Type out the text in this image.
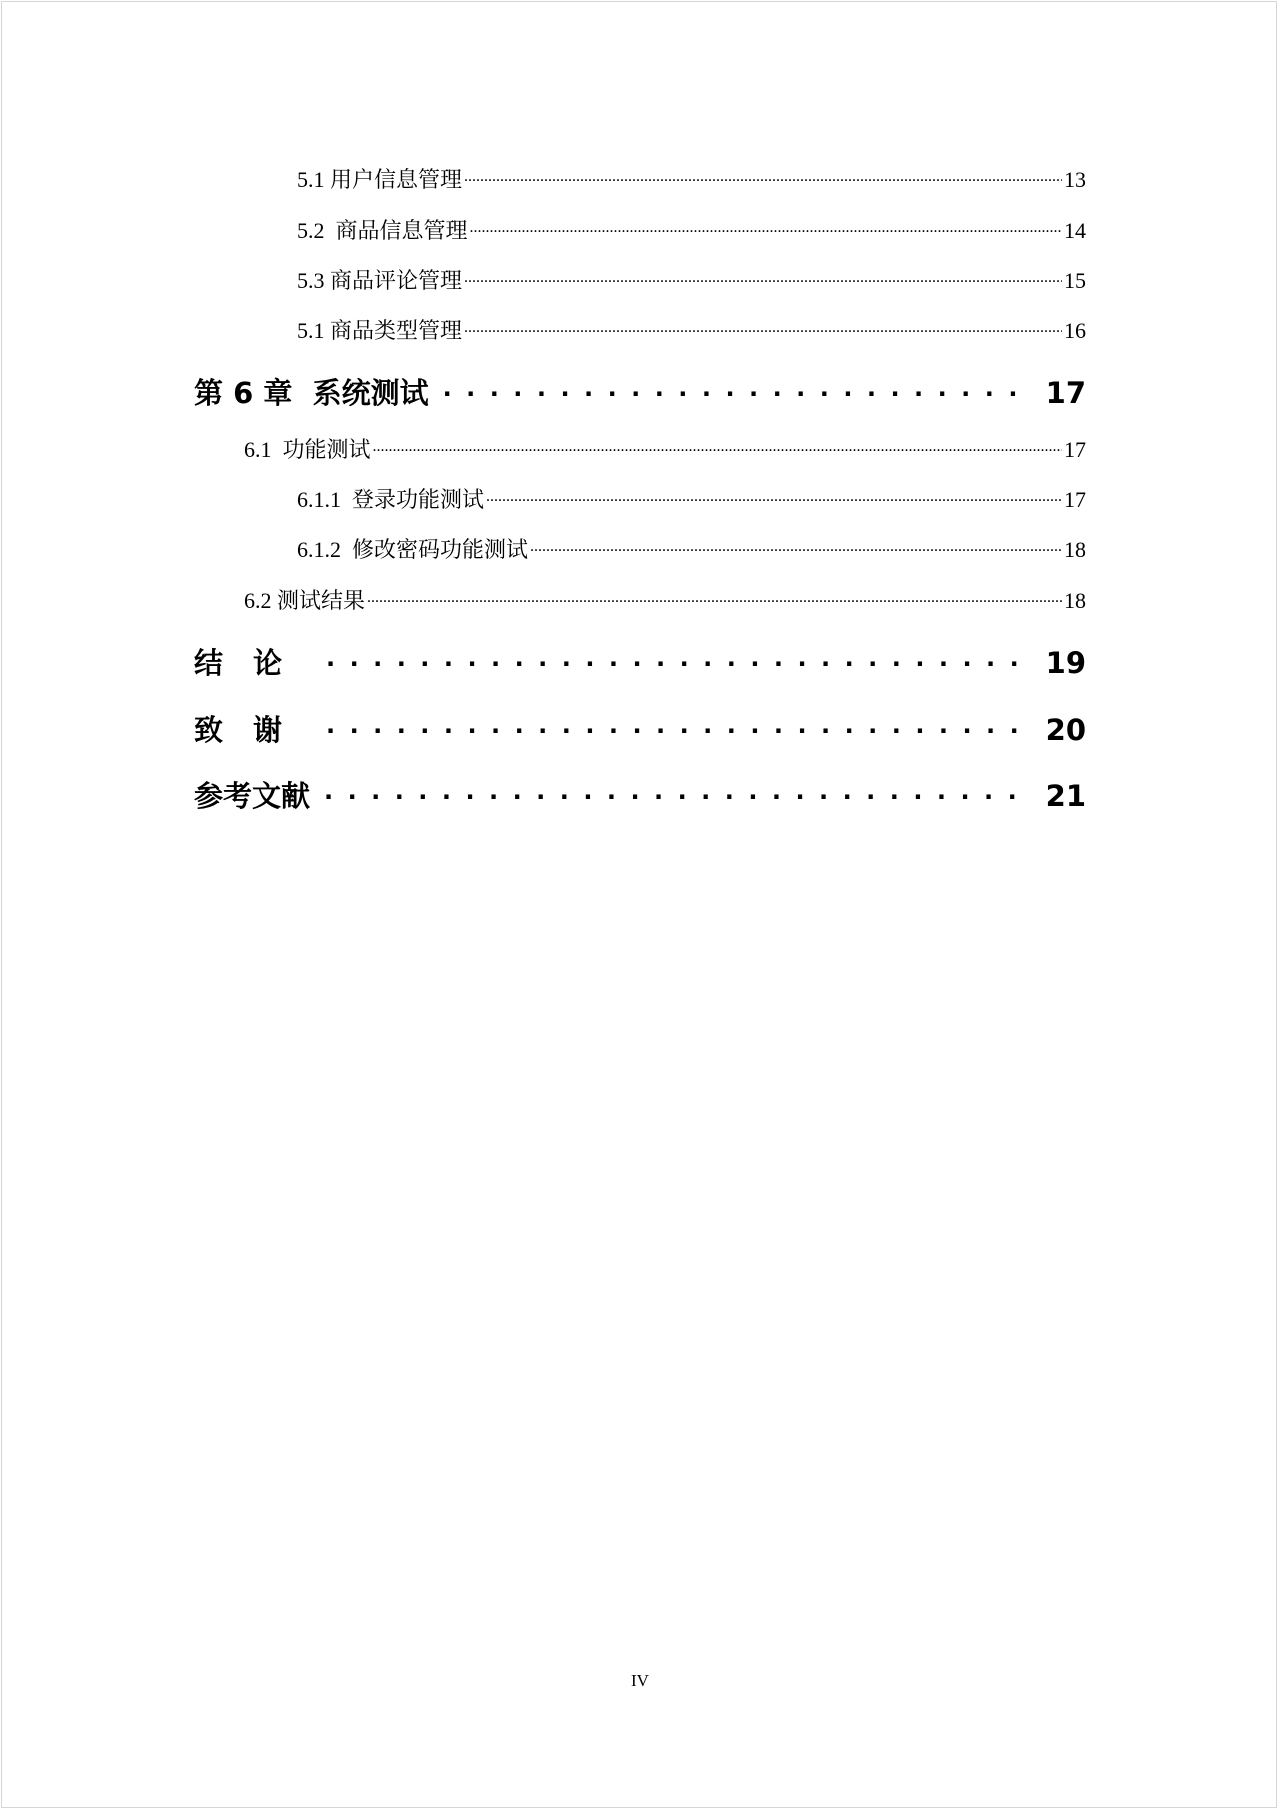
5.1 用户信息管理 .....	13
5.2  商品信息管理 .....	14
5.3 商品评论管理 .....	15
5.1 商品类型管理 .....	16
第 6 章  系统测试 . . .	17
6.1  功能测试 .....	17
6.1.1  登录功能测试 .....	17
6.1.2  修改密码功能测试 .....	18
6.2 测试结果 .....	18
结论 . . .	19
致谢 . . .	20
参考文献 . . .	21
IV
